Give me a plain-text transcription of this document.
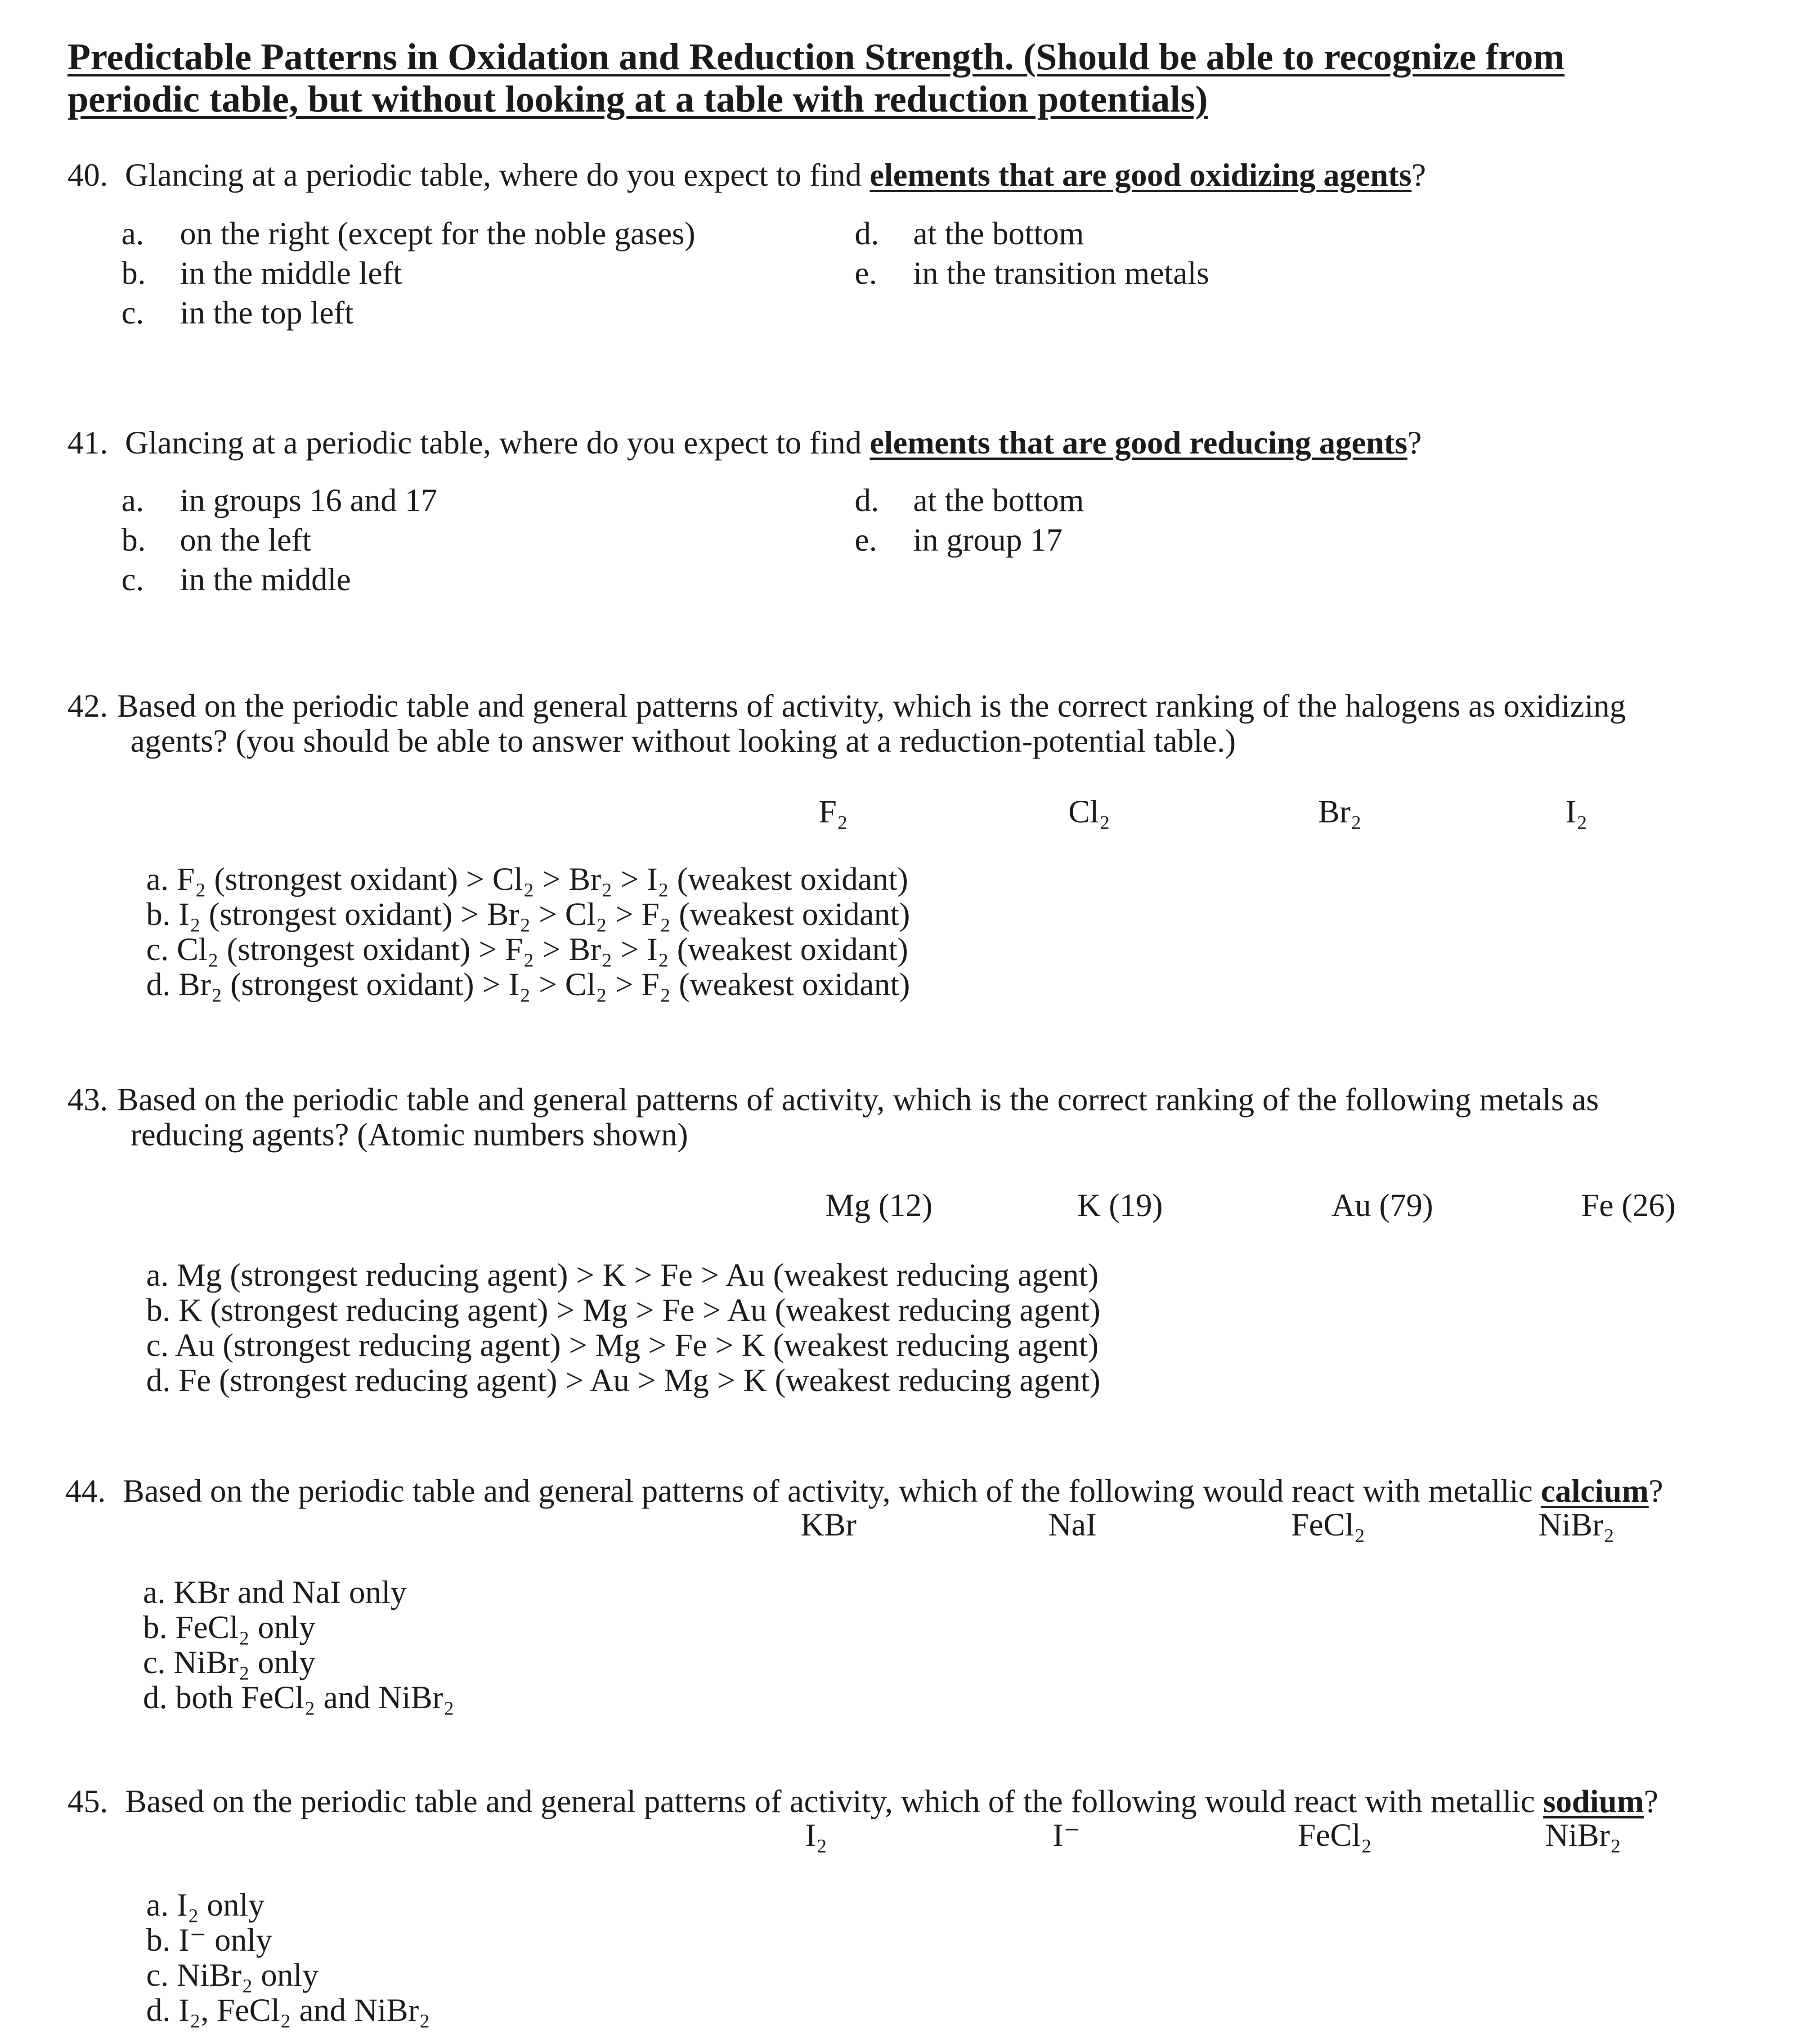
Predictable Patterns in Oxidation and Reduction Strength. (Should be able to recognize from
periodic table, but without looking at a table with reduction potentials)
40. Glancing at a periodic table, where do you expect to find elements that are good oxidizing agents?
a. on the right (except for the noble gases)
b. in the middle left
c. in the top left
d. at the bottom
e. in the transition metals
41. Glancing at a periodic table, where do you expect to find elements that are good reducing agents?
a. in groups 16 and 17
b. on the left
c. in the middle
d. at the bottom
e. in group 17
42. Based on the periodic table and general patterns of activity, which is the correct ranking of the halogens as oxidizing
agents? (you should be able to answer without looking at a reduction-potential table.)
F₂	Cl₂	Br₂	I₂
a. F₂ (strongest oxidant) > Cl₂ > Br₂ > I₂ (weakest oxidant)
b. I₂ (strongest oxidant) > Br₂ > Cl₂ > F₂ (weakest oxidant)
c. Cl₂ (strongest oxidant) > F₂ > Br₂ > I₂ (weakest oxidant)
d. Br₂ (strongest oxidant) > I₂ > Cl₂ > F₂ (weakest oxidant)
43. Based on the periodic table and general patterns of activity, which is the correct ranking of the following metals as
reducing agents? (Atomic numbers shown)
Mg (12)	K (19)	Au (79)	Fe (26)
a. Mg (strongest reducing agent) > K > Fe > Au (weakest reducing agent)
b. K (strongest reducing agent) > Mg > Fe > Au (weakest reducing agent)
c. Au (strongest reducing agent) > Mg > Fe > K (weakest reducing agent)
d. Fe (strongest reducing agent) > Au > Mg > K (weakest reducing agent)
44. Based on the periodic table and general patterns of activity, which of the following would react with metallic calcium?
KBr	NaI	FeCl₂	NiBr₂
a. KBr and NaI only
b. FeCl₂ only
c. NiBr₂ only
d. both FeCl₂ and NiBr₂
45. Based on the periodic table and general patterns of activity, which of the following would react with metallic sodium?
I₂	I⁻	FeCl₂	NiBr₂
a. I₂ only
b. I⁻ only
c. NiBr₂ only
d. I₂, FeCl₂ and NiBr₂
